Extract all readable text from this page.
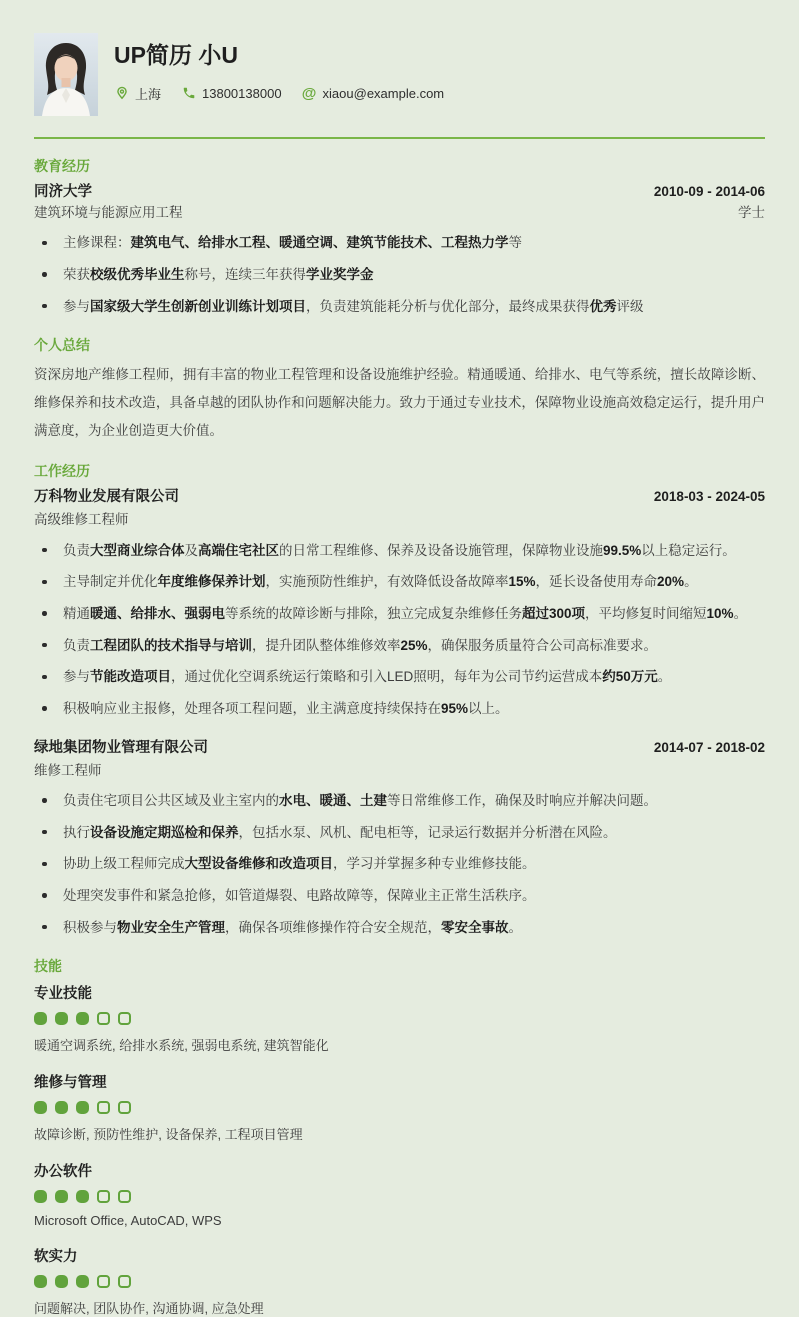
UP简历 小U
上海	13800138000 @ xiaou@example.com
教育经历
同济大学	2010-09 - 2014-06
建筑环境与能源应用工程	学士
主修课程：建筑电气、给排水工程、暖通空调、建筑节能技术、工程热力学等
荣获校级优秀毕业生称号，连续三年获得学业奖学金
参与国家级大学生创新创业训练计划项目，负责建筑能耗分析与优化部分，最终成果获得优秀评级
个人总结

资深房地产维修工程师，拥有丰富的物业工程管理和设备设施维护经验。精通暖通、给排水、电气等系统，擅长故障诊断、维修保养和技术改造，具备卓越的团队协作和问题解决能力。致力于通过专业技术，保障物业设施高效稳定运行，提升用户满意度，为企业创造更大价值。

工作经历
万科物业发展有限公司	2018-03 - 2024-05
高级维修工程师
负责大型商业综合体及高端住宅社区的日常工程维修、保养及设备设施管理，保障物业设施99.5%以上稳定运行。
主导制定并优化年度维修保养计划，实施预防性维护，有效降低设备故障率15%，延长设备使用寿命20%。
精通暖通、给排水、强弱电等系统的故障诊断与排除，独立完成复杂维修任务超过300项，平均修复时间缩短10%。
负责工程团队的技术指导与培训，提升团队整体维修效率25%，确保服务质量符合公司高标准要求。
参与节能改造项目，通过优化空调系统运行策略和引入LED照明，每年为公司节约运营成本约50万元。
积极响应业主报修，处理各项工程问题，业主满意度持续保持在95%以上。
绿地集团物业管理有限公司	2014-07 - 2018-02
维修工程师
负责住宅项目公共区域及业主室内的水电、暖通、土建等日常维修工作，确保及时响应并解决问题。
执行设备设施定期巡检和保养，包括水泵、风机、配电柜等，记录运行数据并分析潜在风险。
协助上级工程师完成大型设备维修和改造项目，学习并掌握多种专业维修技能。
处理突发事件和紧急抢修，如管道爆裂、电路故障等，保障业主正常生活秩序。
积极参与物业安全生产管理，确保各项维修操作符合安全规范，零安全事故。
技能
专业技能
暖通空调系统, 给排水系统, 强弱电系统, 建筑智能化
维修与管理
故障诊断, 预防性维护, 设备保养, 工程项目管理
办公软件
Microsoft Office, AutoCAD, WPS
软实力
问题解决, 团队协作, 沟通协调, 应急处理
